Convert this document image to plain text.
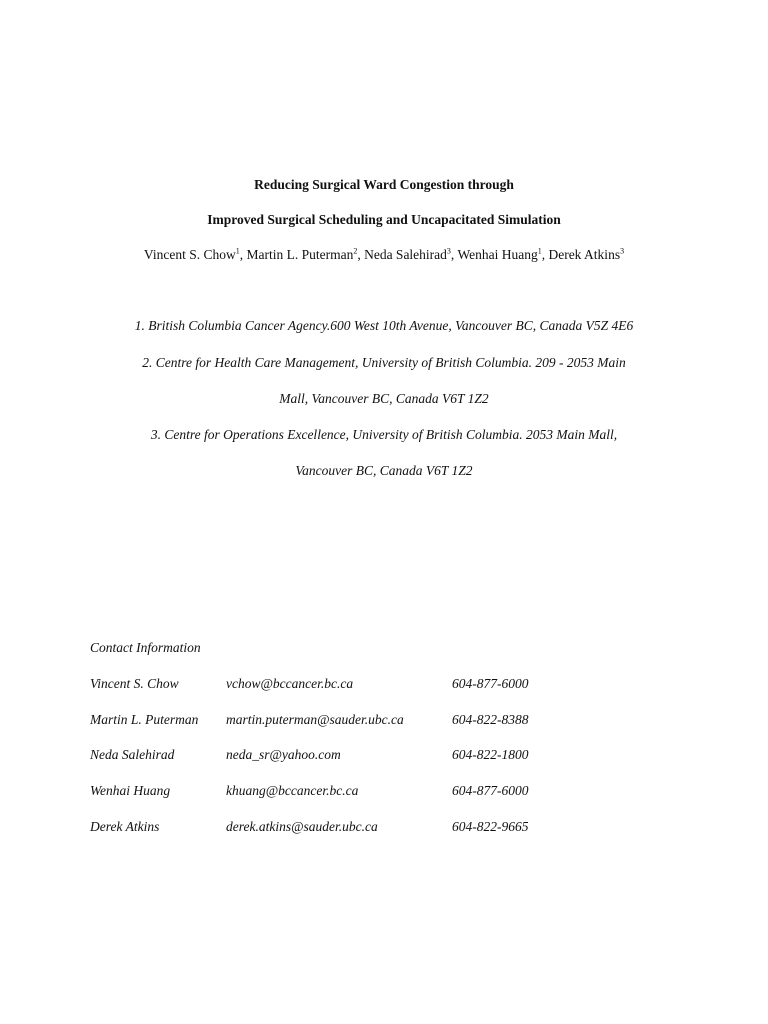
Reducing Surgical Ward Congestion through
Improved Surgical Scheduling and Uncapacitated Simulation
Vincent S. Chow$^1$, Martin L. Puterman$^2$, Neda Salehirad$^3$, Wenhai Huang$^1$, Derek Atkins$^3$
1. British Columbia Cancer Agency.600 West 10th Avenue, Vancouver BC, Canada V5Z 4E6
2. Centre for Health Care Management, University of British Columbia. 209 - 2053 Main
Mall, Vancouver BC, Canada V6T 1Z2
3. Centre for Operations Excellence, University of British Columbia. 2053 Main Mall,
Vancouver BC, Canada V6T 1Z2
Contact Information
Vincent S. Chow	vchow@bccancer.bc.ca	604-877-6000
Martin L. Puterman martin.puterman@sauder.ubc.ca	604-822-8388
Neda Salehirad	neda_sr@yahoo.com	604-822-1800
Wenhai Huang	khuang@bccancer.bc.ca	604-877-6000
Derek Atkins	derek.atkins@sauder.ubc.ca	604-822-9665
